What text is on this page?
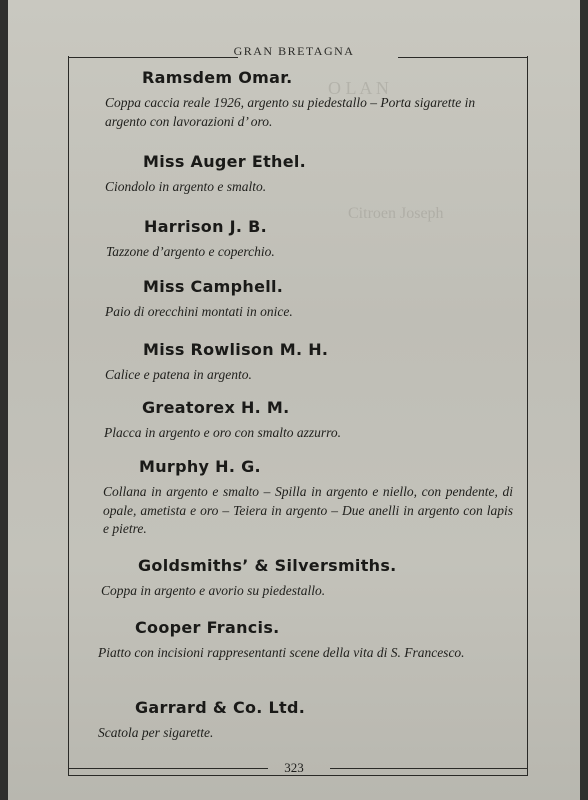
O L A N
Citroen Joseph
GRAN BRETAGNA
Ramsdem Omar.
Coppa caccia reale 1926, argento su piedestallo – Porta sigarette in argento con lavorazioni d’ oro.
Miss Auger Ethel.
Ciondolo in argento e smalto.
Harrison J. B.
Tazzone d’argento e coperchio.
Miss Camphell.
Paio di orecchini montati in onice.
Miss Rowlison M. H.
Calice e patena in argento.
Greatorex H. M.
Placca in argento e oro con smalto azzurro.
Murphy H. G.
Collana in argento e smalto – Spilla in argento e niello, con pendente, di opale, ametista e oro – Teiera in argento – Due anelli in argento con lapis e pietre.
Goldsmiths’ & Silversmiths.
Coppa in argento e avorio su piedestallo.
Cooper Francis.
Piatto con incisioni rappresentanti scene della vita di S. Francesco.
Garrard & Co. Ltd.
Scatola per sigarette.
323
